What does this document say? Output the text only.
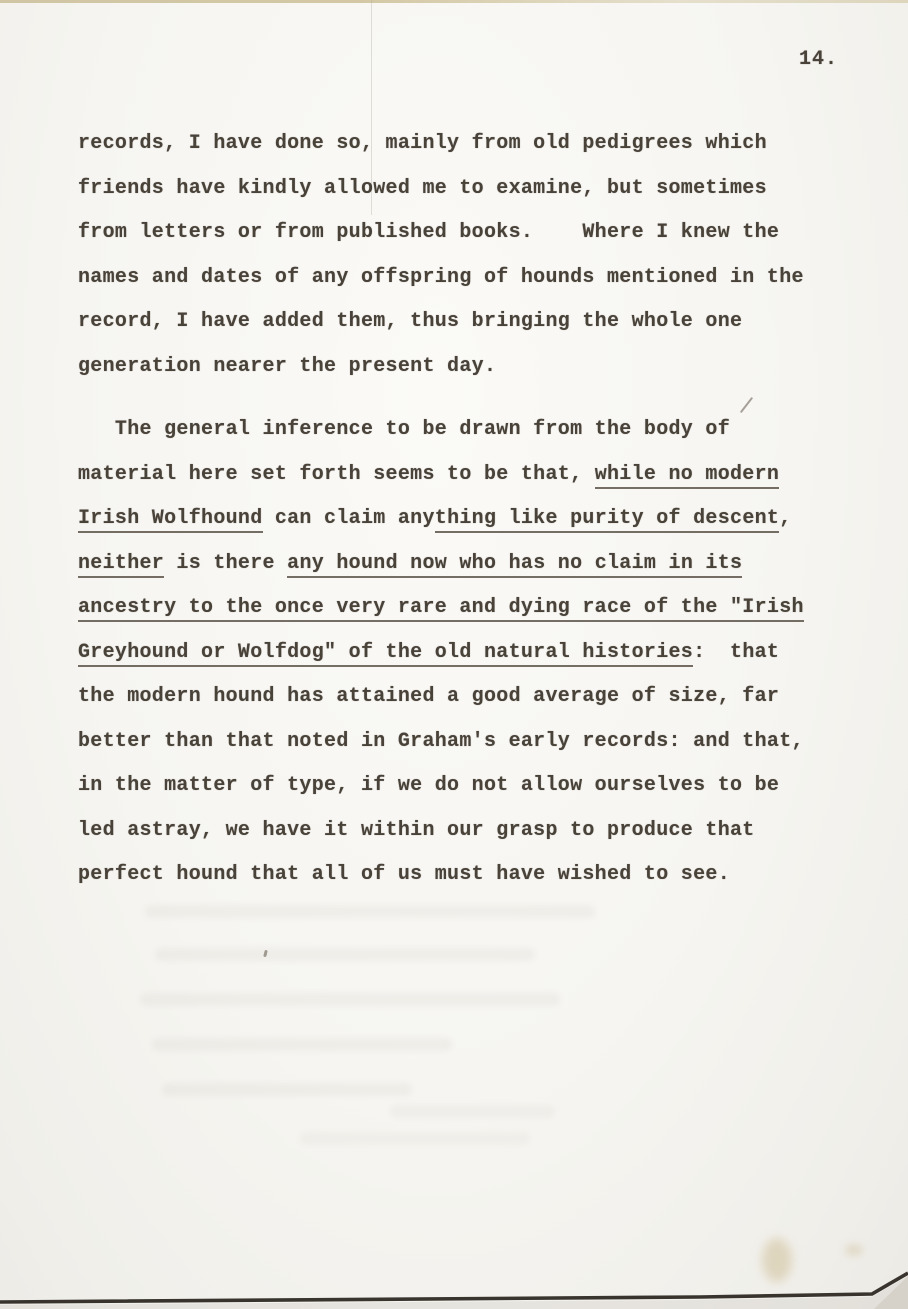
14.
records, I have done so, mainly from old pedigrees which
friends have kindly allowed me to examine, but sometimes
from letters or from published books.    Where I knew the
names and dates of any offspring of hounds mentioned in the
record, I have added them, thus bringing the whole one
generation nearer the present day.
The general inference to be drawn from the body of
material here set forth seems to be that, while no modern
Irish Wolfhound can claim anything like purity of descent,
neither is there any hound now who has no claim in its
ancestry to the once very rare and dying race of the "Irish
Greyhound or Wolfdog" of the old natural histories:  that
the modern hound has attained a good average of size, far
better than that noted in Graham's early records: and that,
in the matter of type, if we do not allow ourselves to be
led astray, we have it within our grasp to produce that
perfect hound that all of us must have wished to see.
